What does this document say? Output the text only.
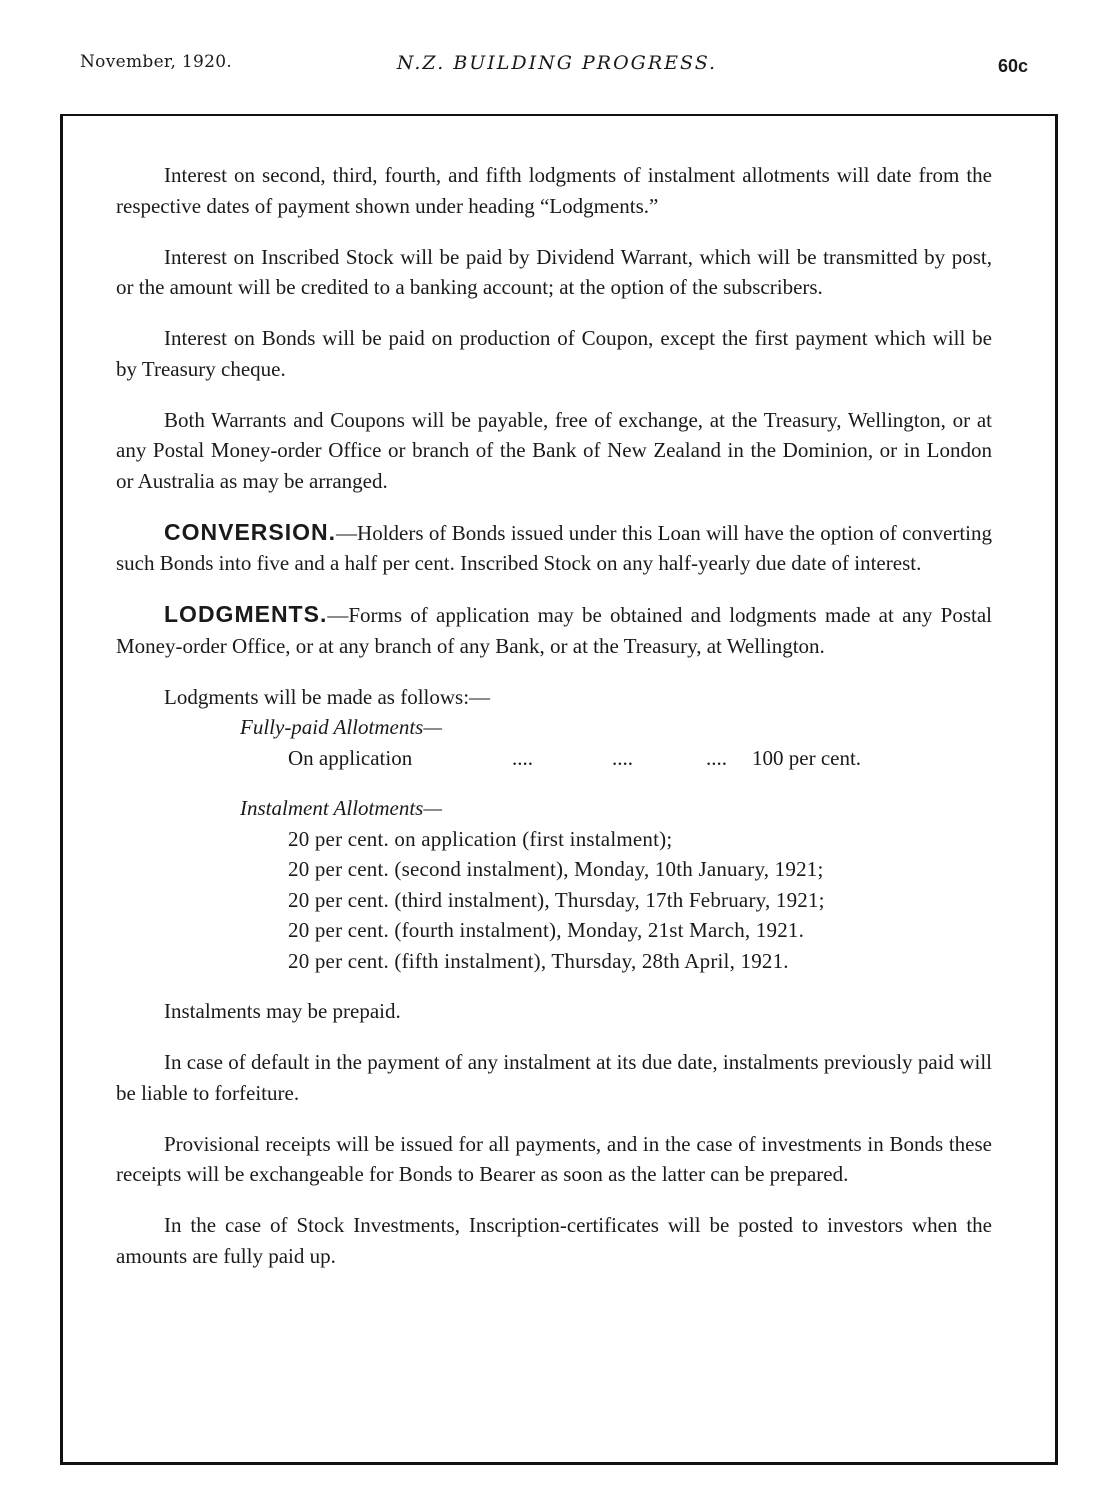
November, 1920.	N.Z. BUILDING PROGRESS.	60c

Interest on second, third, fourth, and fifth lodgments of instalment allotments will date from the respective dates of payment shown under heading “Lodgments.”

Interest on Inscribed Stock will be paid by Dividend Warrant, which will be transmitted by post, or the amount will be credited to a banking account; at the option of the subscribers.

Interest on Bonds will be paid on production of Coupon, except the first payment which will be by Treasury cheque.

Both Warrants and Coupons will be payable, free of exchange, at the Treasury, Wellington, or at any Postal Money-order Office or branch of the Bank of New Zealand in the Dominion, or in London or Australia as may be arranged.

CONVERSION.—Holders of Bonds issued under this Loan will have the option of converting such Bonds into five and a half per cent. Inscribed Stock on any half-yearly due date of interest.

LODGMENTS.—Forms of application may be obtained and lodgments made at any Postal Money-order Office, or at any branch of any Bank, or at the Treasury, at Wellington.

Lodgments will be made as follows:—
Fully-paid Allotments—
On application	....	....	.... 100 per cent.
Instalment Allotments—
20 per cent. on application (first instalment);
20 per cent. (second instalment), Monday, 10th January, 1921;
20 per cent. (third instalment), Thursday, 17th February, 1921;
20 per cent. (fourth instalment), Monday, 21st March, 1921.
20 per cent. (fifth instalment), Thursday, 28th April, 1921.

Instalments may be prepaid.

In case of default in the payment of any instalment at its due date, instalments previously paid will be liable to forfeiture.

Provisional receipts will be issued for all payments, and in the case of investments in Bonds these receipts will be exchangeable for Bonds to Bearer as soon as the latter can be prepared.

In the case of Stock Investments, Inscription-certificates will be posted to investors when the amounts are fully paid up.
